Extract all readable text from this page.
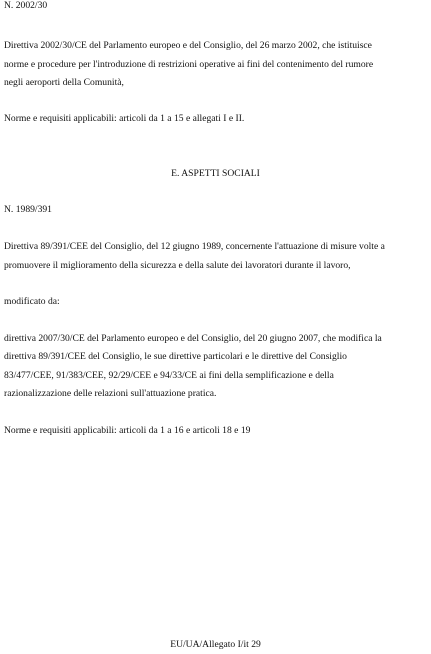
N. 2002/30
Direttiva 2002/30/CE del Parlamento europeo e del Consiglio, del 26 marzo 2002, che istituisce
norme e procedure per l'introduzione di restrizioni operative ai fini del contenimento del rumore
negli aeroporti della Comunità,
Norme e requisiti applicabili: articoli da 1 a 15 e allegati I e II.
E. ASPETTI SOCIALI
N. 1989/391
Direttiva 89/391/CEE del Consiglio, del 12 giugno 1989, concernente l'attuazione di misure volte a
promuovere il miglioramento della sicurezza e della salute dei lavoratori durante il lavoro,
modificato da:
direttiva 2007/30/CE del Parlamento europeo e del Consiglio, del 20 giugno 2007, che modifica la
direttiva 89/391/CEE del Consiglio, le sue direttive particolari e le direttive del Consiglio
83/477/CEE, 91/383/CEE, 92/29/CEE e 94/33/CE ai fini della semplificazione e della
razionalizzazione delle relazioni sull'attuazione pratica.
Norme e requisiti applicabili: articoli da 1 a 16 e articoli 18 e 19
EU/UA/Allegato I/it 29
